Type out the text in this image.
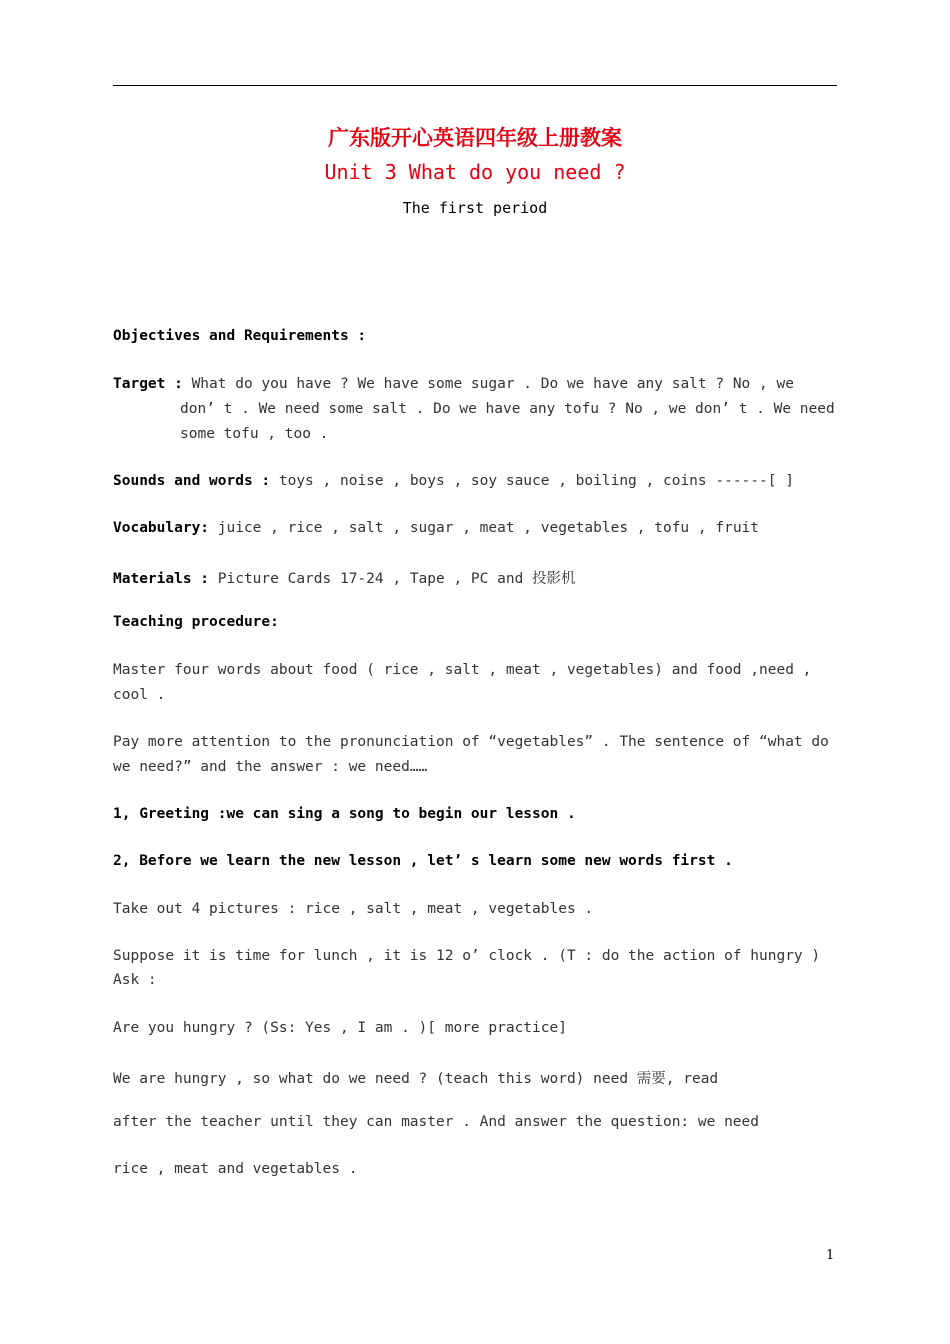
广东版开心英语四年级上册教案
Unit 3 What do you need ?
The first period
Objectives and Requirements :
Target : What do you have ? We have some sugar . Do we have any salt ? No , we
don’ t . We need some salt . Do we have any tofu ? No , we don’ t . We need
some tofu , too .
Sounds and words : toys , noise , boys , soy sauce , boiling , coins ------[ ]
Vocabulary: juice , rice , salt , sugar , meat , vegetables , tofu , fruit
Materials : Picture Cards 17-24 , Tape , PC and 投影机
Teaching procedure:
Master four words about food ( rice , salt , meat , vegetables) and food ,need ,
cool .
Pay more attention to the pronunciation of “vegetables” . The sentence of “what do
we need?” and the answer : we need……
1, Greeting :we can sing a song to begin our lesson .
2, Before we learn the new lesson , let’ s learn some new words first .
Take out 4 pictures : rice , salt , meat , vegetables .
Suppose it is time for lunch , it is 12 o’ clock . (T : do the action of hungry )
Ask :
Are you hungry ? (Ss: Yes , I am . )[ more practice]
We are hungry , so what do we need ? (teach this word) need 需要, read
after the teacher until they can master . And answer the question: we need
rice , meat and vegetables .
1
